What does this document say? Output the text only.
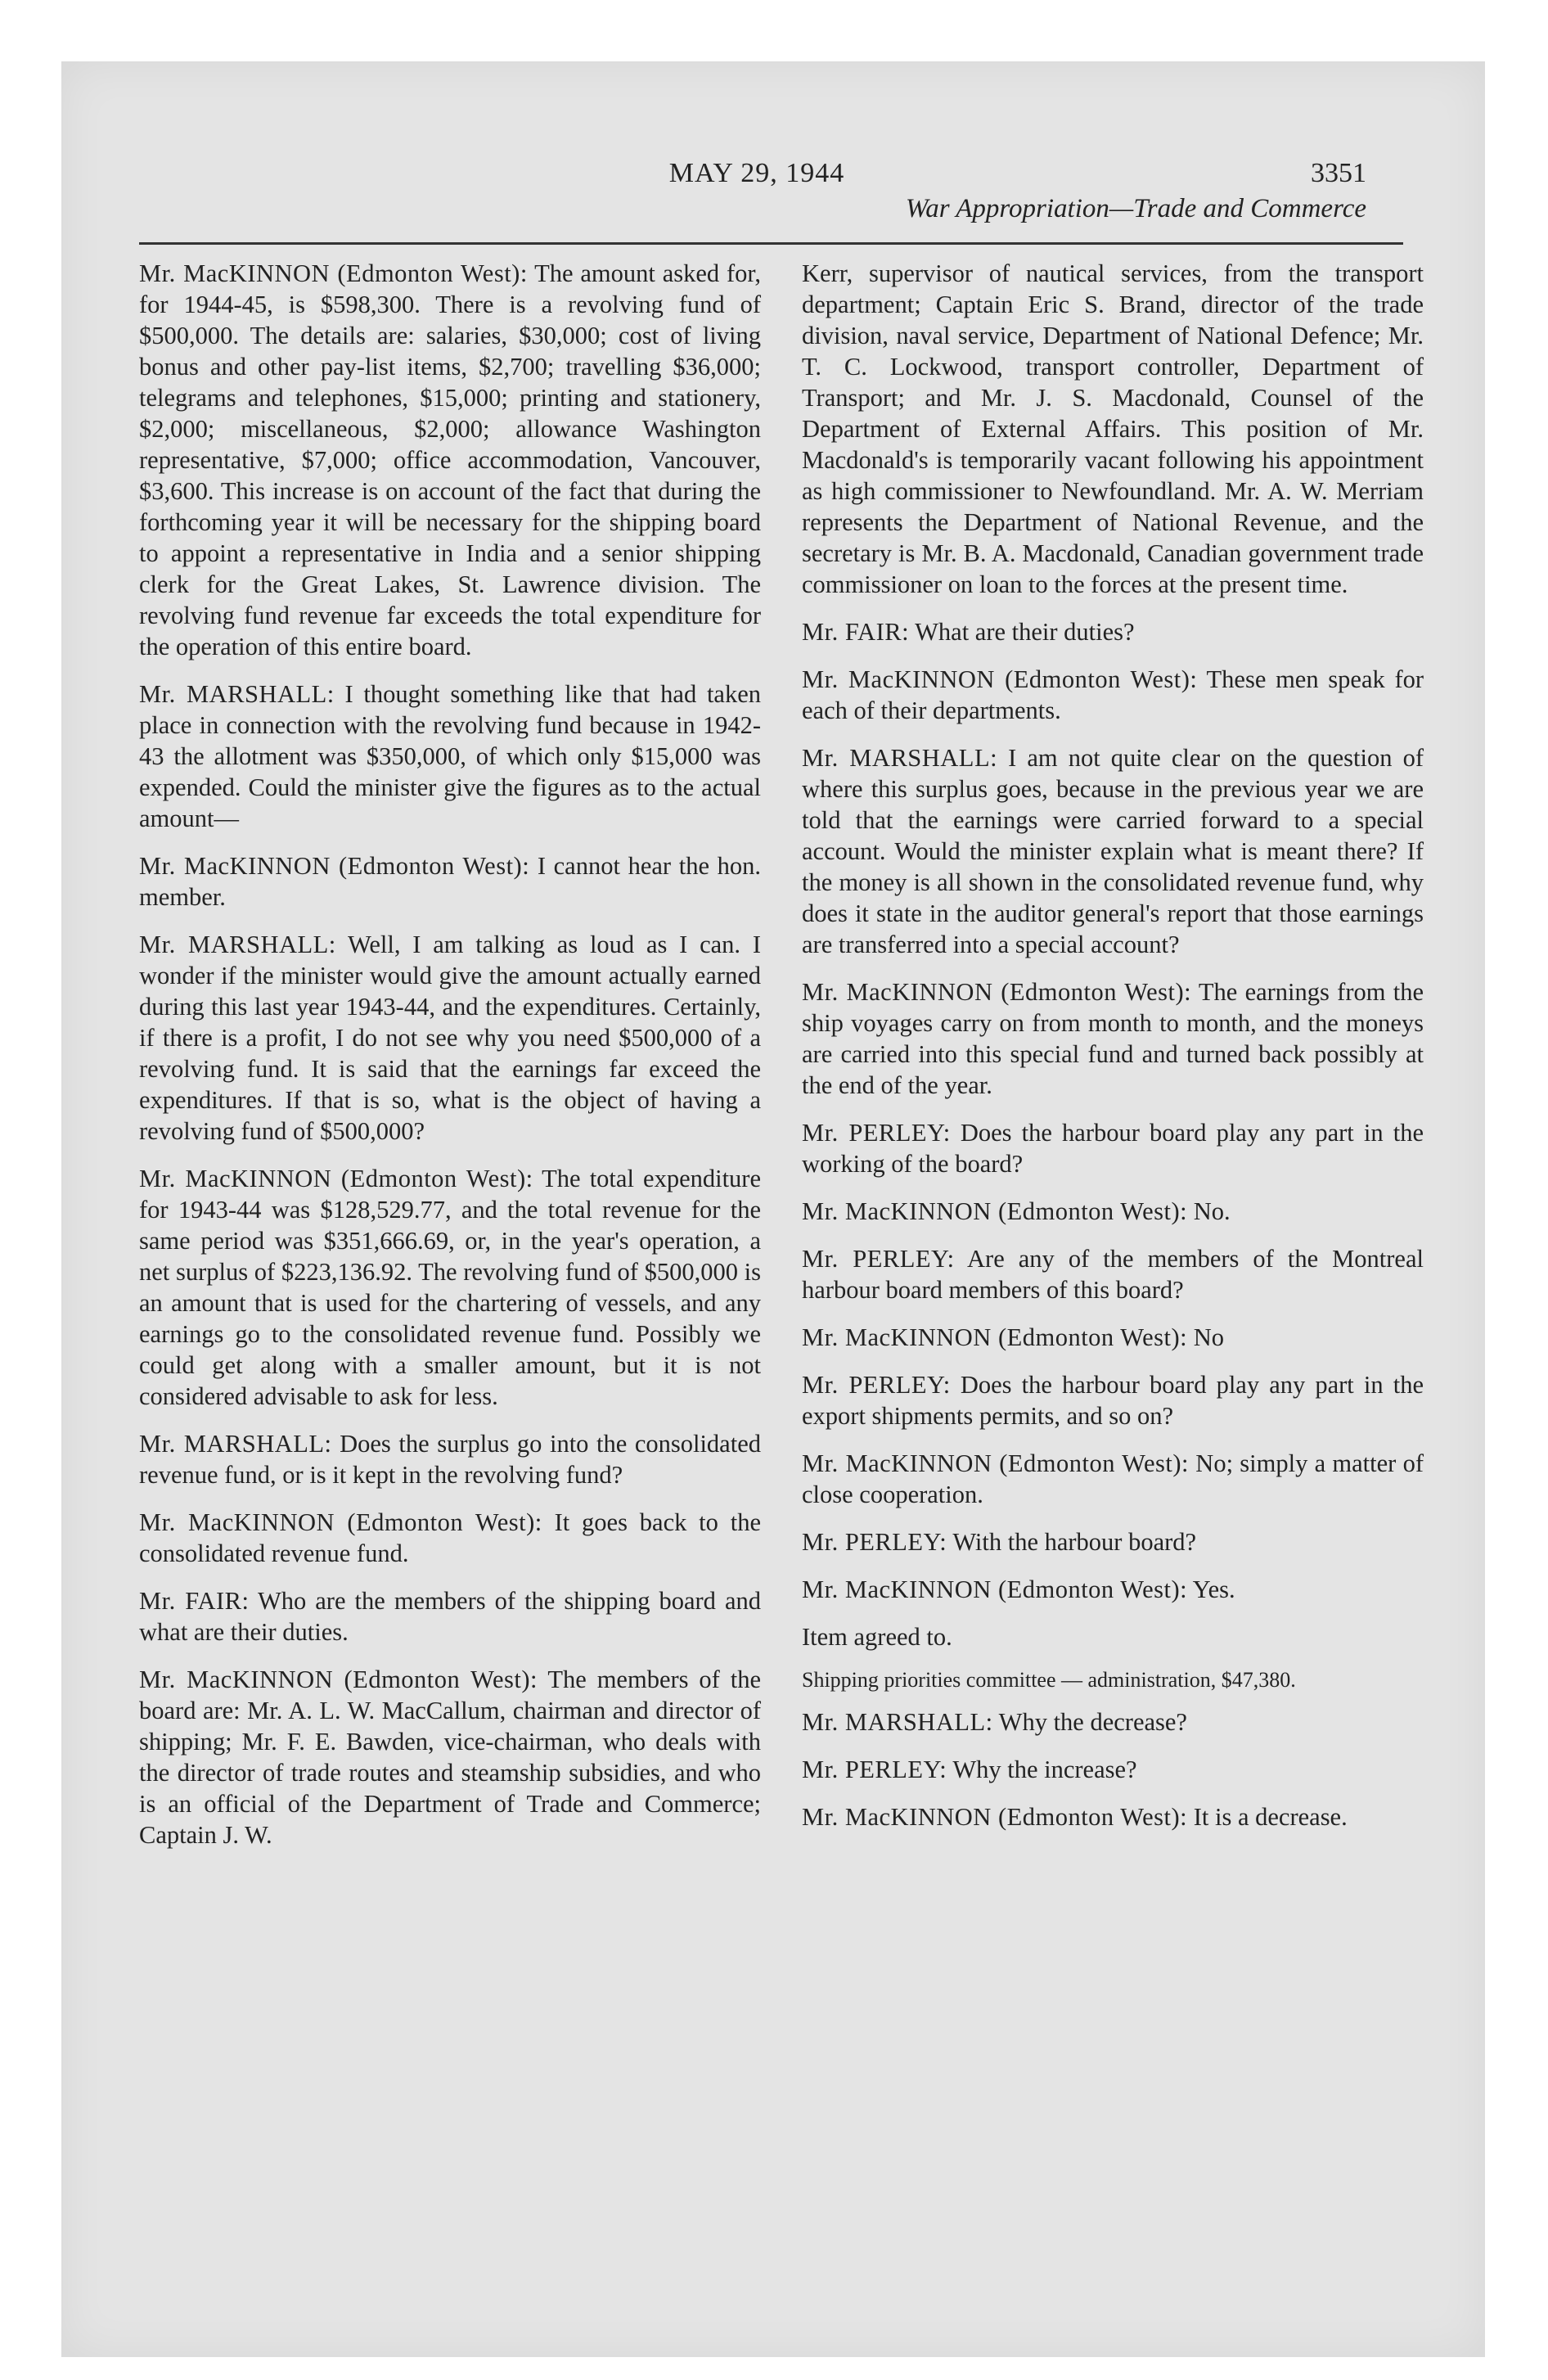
MAY 29, 1944	3351
War Appropriation—Trade and Commerce

Mr. MacKINNON (Edmonton West): The amount asked for, for 1944-45, is $598,300. There is a revolving fund of $500,000. The details are: salaries, $30,000; cost of living bonus and other pay-list items, $2,700; travelling $36,000; telegrams and telephones, $15,000; printing and stationery, $2,000; miscellaneous, $2,000; allowance Washington representative, $7,000; office accommodation, Vancouver, $3,600. This increase is on account of the fact that during the forthcoming year it will be necessary for the shipping board to appoint a representative in India and a senior shipping clerk for the Great Lakes, St. Lawrence division. The revolving fund revenue far exceeds the total expenditure for the operation of this entire board.

Mr. MARSHALL: I thought something like that had taken place in connection with the revolving fund because in 1942-43 the allotment was $350,000, of which only $15,000 was expended. Could the minister give the figures as to the actual amount—

Mr. MacKINNON (Edmonton West): I cannot hear the hon. member.

Mr. MARSHALL: Well, I am talking as loud as I can. I wonder if the minister would give the amount actually earned during this last year 1943-44, and the expenditures. Certainly, if there is a profit, I do not see why you need $500,000 of a revolving fund. It is said that the earnings far exceed the expenditures. If that is so, what is the object of having a revolving fund of $500,000?

Mr. MacKINNON (Edmonton West): The total expenditure for 1943-44 was $128,529.77, and the total revenue for the same period was $351,666.69, or, in the year's operation, a net surplus of $223,136.92. The revolving fund of $500,000 is an amount that is used for the chartering of vessels, and any earnings go to the consolidated revenue fund. Possibly we could get along with a smaller amount, but it is not considered advisable to ask for less.

Mr. MARSHALL: Does the surplus go into the consolidated revenue fund, or is it kept in the revolving fund?

Mr. MacKINNON (Edmonton West): It goes back to the consolidated revenue fund.

Mr. FAIR: Who are the members of the shipping board and what are their duties.

Mr. MacKINNON (Edmonton West): The members of the board are: Mr. A. L. W. MacCallum, chairman and director of shipping; Mr. F. E. Bawden, vice-chairman, who deals with the director of trade routes and steamship subsidies, and who is an official of the Department of Trade and Commerce; Captain J. W.

Kerr, supervisor of nautical services, from the transport department; Captain Eric S. Brand, director of the trade division, naval service, Department of National Defence; Mr. T. C. Lockwood, transport controller, Department of Transport; and Mr. J. S. Macdonald, Counsel of the Department of External Affairs. This position of Mr. Macdonald's is temporarily vacant following his appointment as high commissioner to Newfoundland. Mr. A. W. Merriam represents the Department of National Revenue, and the secretary is Mr. B. A. Macdonald, Canadian government trade commissioner on loan to the forces at the present time.

Mr. FAIR: What are their duties?

Mr. MacKINNON (Edmonton West): These men speak for each of their departments.

Mr. MARSHALL: I am not quite clear on the question of where this surplus goes, because in the previous year we are told that the earnings were carried forward to a special account. Would the minister explain what is meant there? If the money is all shown in the consolidated revenue fund, why does it state in the auditor general's report that those earnings are transferred into a special account?

Mr. MacKINNON (Edmonton West): The earnings from the ship voyages carry on from month to month, and the moneys are carried into this special fund and turned back possibly at the end of the year.

Mr. PERLEY: Does the harbour board play any part in the working of the board?

Mr. MacKINNON (Edmonton West): No.

Mr. PERLEY: Are any of the members of the Montreal harbour board members of this board?

Mr. MacKINNON (Edmonton West): No

Mr. PERLEY: Does the harbour board play any part in the export shipments permits, and so on?

Mr. MacKINNON (Edmonton West): No; simply a matter of close cooperation.

Mr. PERLEY: With the harbour board?

Mr. MacKINNON (Edmonton West): Yes.

Item agreed to.

Shipping priorities committee — administration, $47,380.

Mr. MARSHALL: Why the decrease?

Mr. PERLEY: Why the increase?

Mr. MacKINNON (Edmonton West): It is a decrease.
